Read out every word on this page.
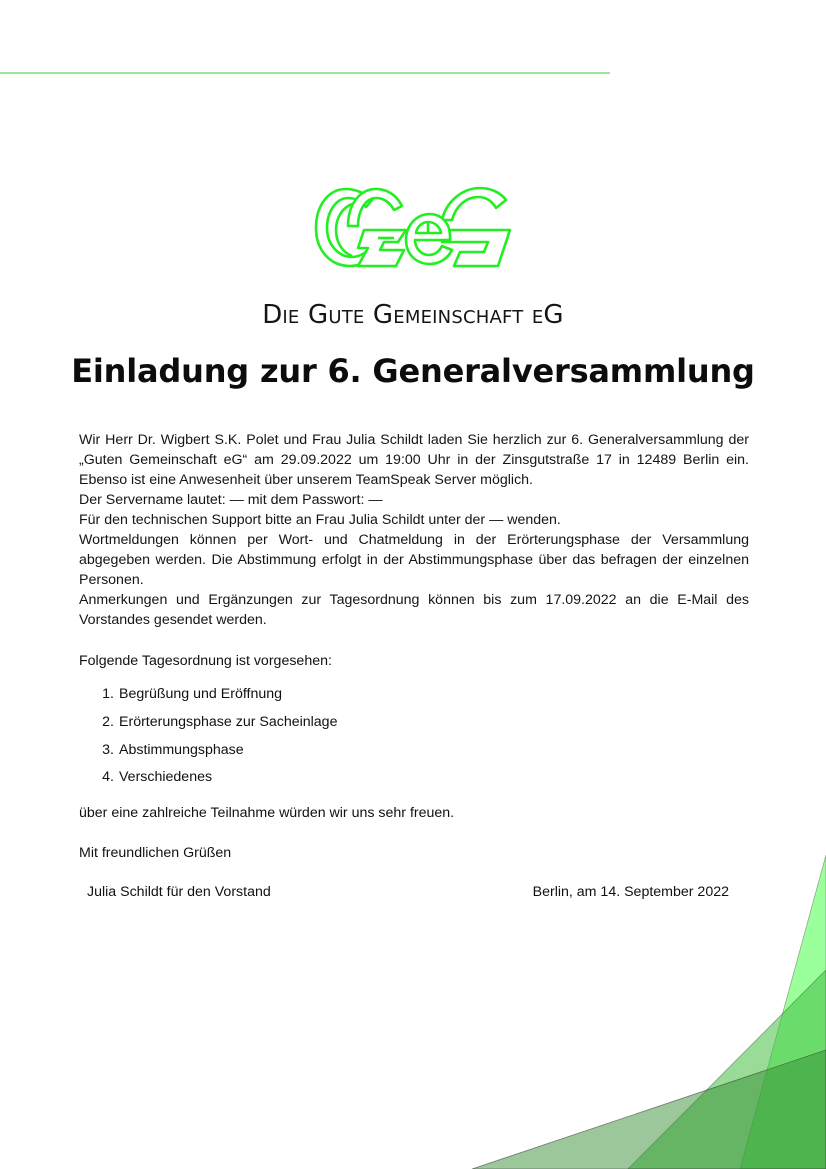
Die Gute Gemeinschaft eG
Einladung zur 6. Generalversammlung

Wir Herr Dr. Wigbert S.K. Polet und Frau Julia Schildt laden Sie herzlich zur 6. Generalversammlung der „Guten Gemeinschaft eG“ am 29.09.2022 um 19:00 Uhr in der Zinsgutstraße 17 in 12489 Berlin ein. Ebenso ist eine Anwesenheit über unserem TeamSpeak Server möglich.

Der Servername lautet: — mit dem Passwort: —

Für den technischen Support bitte an Frau Julia Schildt unter der — wenden.

Wortmeldungen können per Wort- und Chatmeldung in der Erörterungsphase der Versammlung abgegeben werden. Die Abstimmung erfolgt in der Abstimmungsphase über das befragen der einzelnen Personen.

Anmerkungen und Ergänzungen zur Tagesordnung können bis zum 17.09.2022 an die E-Mail des Vorstandes gesendet werden.

Folgende Tagesordnung ist vorgesehen:
1. Begrüßung und Eröffnung
2. Erörterungsphase zur Sacheinlage
3. Abstimmungsphase
4. Verschiedenes
über eine zahlreiche Teilnahme würden wir uns sehr freuen.
Mit freundlichen Grüßen
Julia Schildt für den Vorstand	Berlin, am 14. September 2022
